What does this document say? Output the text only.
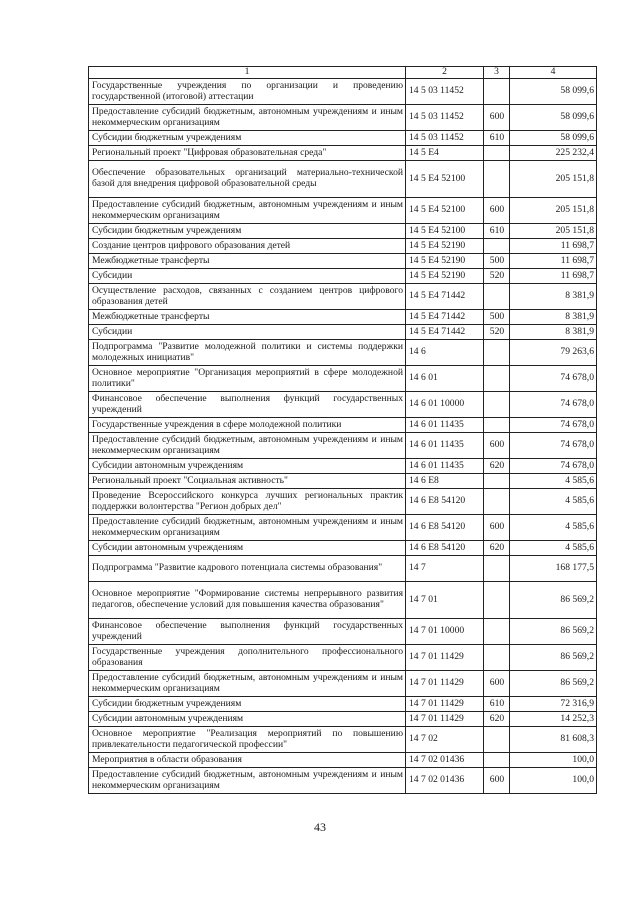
1	2	3	4
Государственные учреждения по организации и проведению государственной (итоговой) аттестации	14 5 03 11452		58 099,6
Предоставление субсидий бюджетным, автономным учреждениям и иным некоммерческим организациям	14 5 03 11452	600	58 099,6
Субсидии бюджетным учреждениям	14 5 03 11452	610	58 099,6
Региональный проект "Цифровая образовательная среда"	14 5 E4		225 232,4
Обеспечение образовательных организаций материально-технической базой для внедрения цифровой образовательной среды	14 5 E4 52100		205 151,8
Предоставление субсидий бюджетным, автономным учреждениям и иным некоммерческим организациям	14 5 E4 52100	600	205 151,8
Субсидии бюджетным учреждениям	14 5 E4 52100	610	205 151,8
Создание центров цифрового образования детей	14 5 E4 52190		11 698,7
Межбюджетные трансферты	14 5 E4 52190	500	11 698,7
Субсидии	14 5 E4 52190	520	11 698,7
Осуществление расходов, связанных с созданием центров цифрового образования детей	14 5 E4 71442		8 381,9
Межбюджетные трансферты	14 5 E4 71442	500	8 381,9
Субсидии	14 5 E4 71442	520	8 381,9
Подпрограмма "Развитие молодежной политики и системы поддержки молодежных инициатив"	14 6		79 263,6
Основное мероприятие "Организация мероприятий в сфере молодежной политики"	14 6 01		74 678,0
Финансовое обеспечение выполнения функций государственных учреждений	14 6 01 10000		74 678,0
Государственные учреждения в сфере молодежной политики	14 6 01 11435		74 678,0
Предоставление субсидий бюджетным, автономным учреждениям и иным некоммерческим организациям	14 6 01 11435	600	74 678,0
Субсидии автономным учреждениям	14 6 01 11435	620	74 678,0
Региональный проект "Социальная активность"	14 6 E8		4 585,6
Проведение Всероссийского конкурса лучших региональных практик поддержки волонтерства "Регион добрых дел"	14 6 E8 54120		4 585,6
Предоставление субсидий бюджетным, автономным учреждениям и иным некоммерческим организациям	14 6 E8 54120	600	4 585,6
Субсидии автономным учреждениям	14 6 E8 54120	620	4 585,6
Подпрограмма "Развитие кадрового потенциала системы образования"	14 7		168 177,5
Основное мероприятие "Формирование системы непрерывного развития педагогов, обеспечение условий для повышения качества образования"	14 7 01		86 569,2
Финансовое обеспечение выполнения функций государственных учреждений	14 7 01 10000		86 569,2
Государственные учреждения дополнительного профессионального образования	14 7 01 11429		86 569,2
Предоставление субсидий бюджетным, автономным учреждениям и иным некоммерческим организациям	14 7 01 11429	600	86 569,2
Субсидии бюджетным учреждениям	14 7 01 11429	610	72 316,9
Субсидии автономным учреждениям	14 7 01 11429	620	14 252,3
Основное мероприятие "Реализация мероприятий по повышению привлекательности педагогической профессии"	14 7 02		81 608,3
Мероприятия в области образования	14 7 02 01436		100,0
Предоставление субсидий бюджетным, автономным учреждениям и иным некоммерческим организациям	14 7 02 01436	600	100,0
43
